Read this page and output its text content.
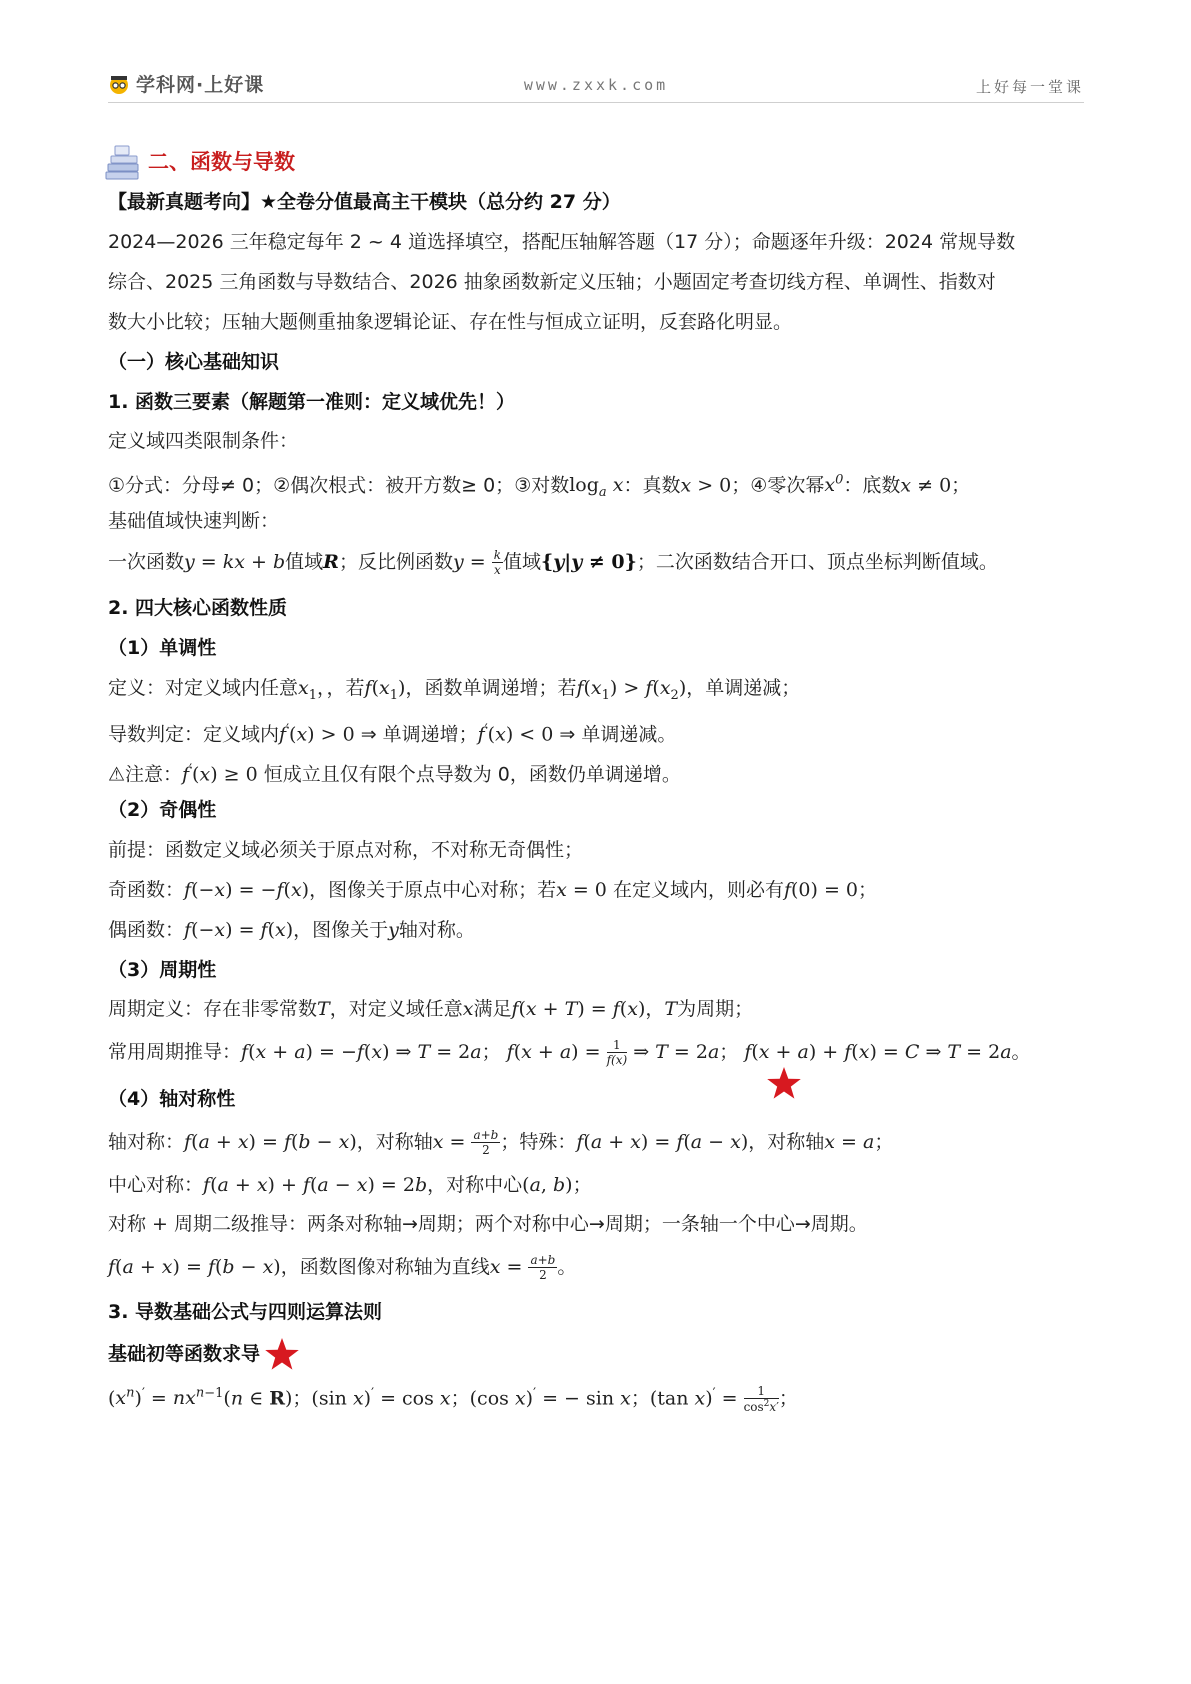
学科网·上好课	www.zxxk.com	上好每一堂课
二、函数与导数
【最新真题考向】★全卷分值最高主干模块（总分约 27 分）
2024—2026 三年稳定每年 2 ~ 4 道选择填空，搭配压轴解答题（17 分）；命题逐年升级：2024 常规导数
综合、2025 三角函数与导数结合、2026 抽象函数新定义压轴；小题固定考查切线方程、单调性、指数对
数大小比较；压轴大题侧重抽象逻辑论证、存在性与恒成立证明，反套路化明显。
（一）核心基础知识
1. 函数三要素（解题第一准则：定义域优先！）
定义域四类限制条件：
①分式：分母≠ 0；②偶次根式：被开方数≥ 0；③对数$\log_a x$：真数x > 0；④零次幂$x^0$：底数x ≠ 0；
基础值域快速判断：
一次函数y = kx + b值域R；反比例函数$y = \frac{k}{x}$ 值域{y|y ≠ 0}；二次函数结合开口、顶点坐标判断值域。
2. 四大核心函数性质
（1）单调性
定义：对定义域内任意$x_1$，，若$f(x_1)$，函数单调递增；若$f(x_1) > f(x_2)$，单调递减；
导数判定：定义域内f′(x) > 0 ⇒ 单调递增；f′(x) < 0 ⇒ 单调递减。
⚠注意：f′(x) ≥ 0 恒成立且仅有限个点导数为 0，函数仍单调递增。
（2）奇偶性
前提：函数定义域必须关于原点对称，不对称无奇偶性；
奇函数：f(−x) = −f(x)，图像关于原点中心对称；若x = 0 在定义域内，则必有f(0) = 0；
偶函数：f(−x) = f(x)，图像关于y轴对称。
（3）周期性
周期定义：存在非零常数T，对定义域任意x满足f(x + T) = f(x)，T为周期；
常用周期推导：f(x + a) = −f(x) ⇒ T = 2a； $f(x + a) = \frac{1}{f(x)}$ ⇒ T = 2a； f(x + a) + f(x) = C ⇒ T = 2a。
（4）轴对称性
轴对称：f(a + x) = f(b − x)，对称轴$x = \frac{a+b}{2}$ ；特殊：f(a + x) = f(a − x)，对称轴x = a；
中心对称：f(a + x) + f(a − x) = 2b，对称中心(a, b)；
对称 + 周期二级推导：两条对称轴→周期；两个对称中心→周期；一条轴一个中心→周期。
f(a + x) = f(b − x)，函数图像对称轴为直线$x = \frac{a+b}{2}$ 。
3. 导数基础公式与四则运算法则
基础初等函数求导
$(x^n)' = nx^{n-1}(n$ ∈ R)；(sin x)′ = cos x；(cos x)′ = − sin x；(tan $x)' = \frac{1}{\cos^2x'}$ ；
